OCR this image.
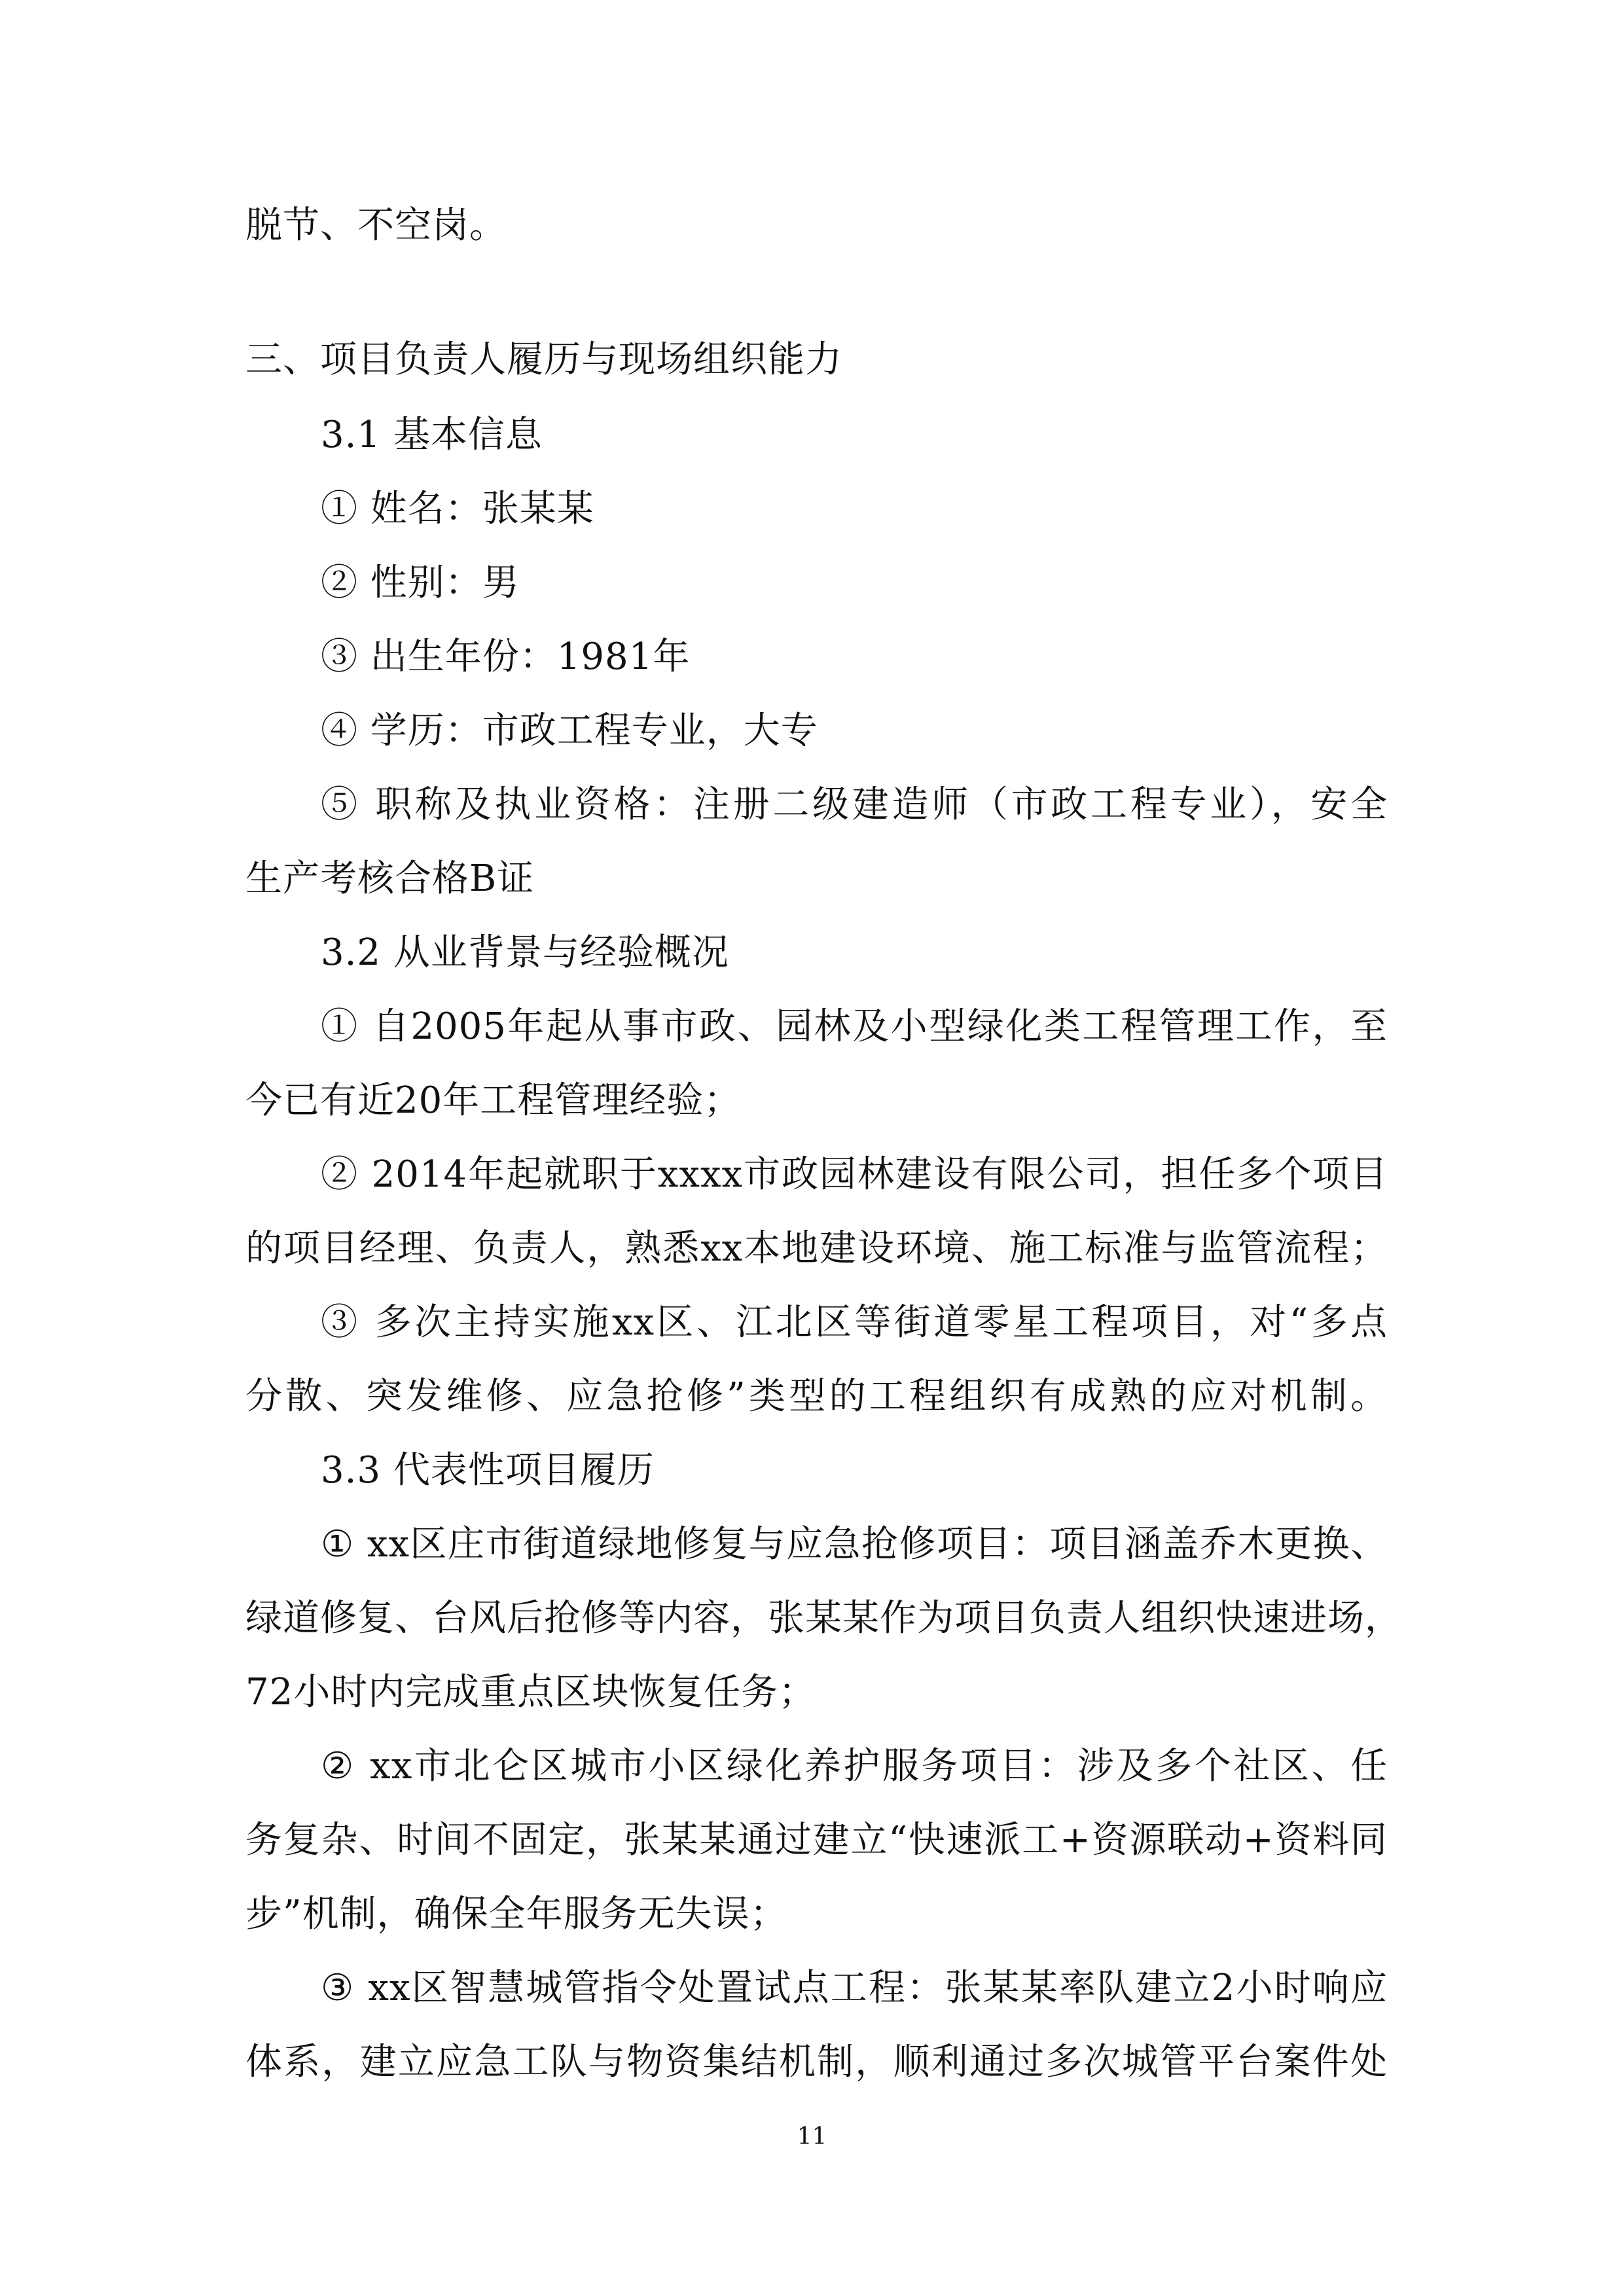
脱节、不空岗。
三、项目负责人履历与现场组织能力
3.1 基本信息
① 姓名：张某某
② 性别：男
③ 出生年份：1981年
④ 学历：市政工程专业，大专
⑤ 职称及执业资格：注册二级建造师（市政工程专业），安全
生产考核合格B证
3.2 从业背景与经验概况
① 自2005年起从事市政、园林及小型绿化类工程管理工作，至
今已有近20年工程管理经验；
② 2014年起就职于xxxx市政园林建设有限公司，担任多个项目
的项目经理、负责人，熟悉xx本地建设环境、施工标准与监管流程；
③ 多次主持实施xx区、江北区等街道零星工程项目，对“多点
分散、突发维修、应急抢修”类型的工程组织有成熟的应对机制。
3.3 代表性项目履历
① xx区庄市街道绿地修复与应急抢修项目：项目涵盖乔木更换、
绿道修复、台风后抢修等内容，张某某作为项目负责人组织快速进场，
72小时内完成重点区块恢复任务；
② xx市北仑区城市小区绿化养护服务项目：涉及多个社区、任
务复杂、时间不固定，张某某通过建立“快速派工+资源联动+资料同
步”机制，确保全年服务无失误；
③ xx区智慧城管指令处置试点工程：张某某率队建立2小时响应
体系，建立应急工队与物资集结机制，顺利通过多次城管平台案件处
11
